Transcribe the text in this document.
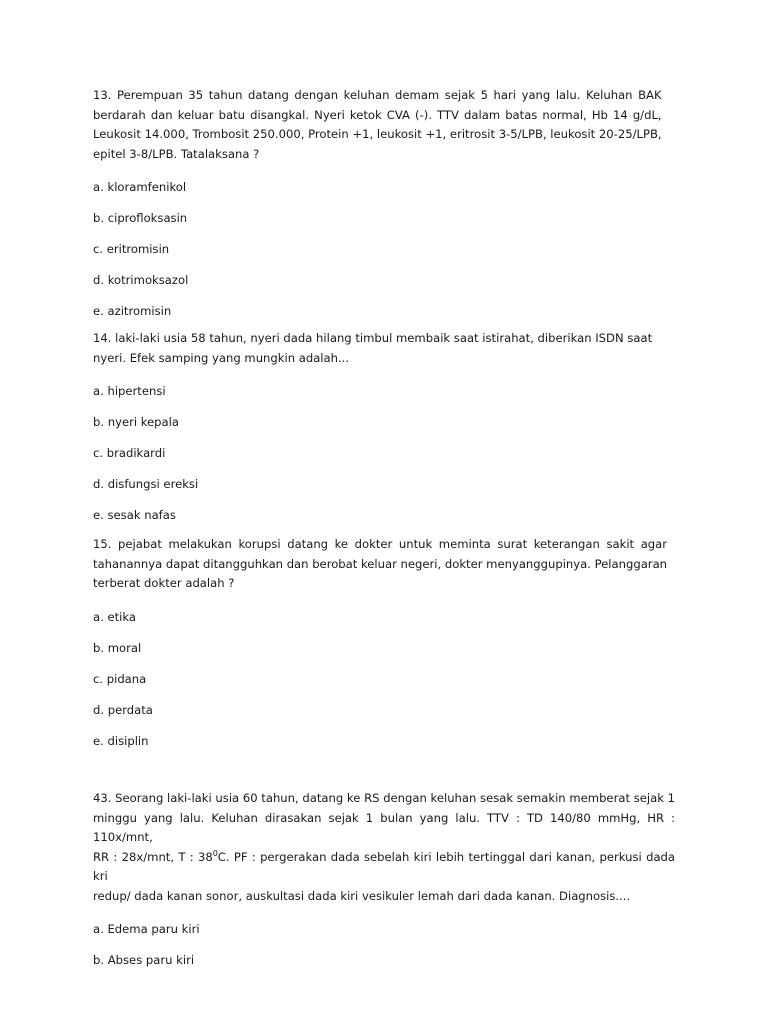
13. Perempuan 35 tahun datang dengan keluhan demam sejak 5 hari yang lalu. Keluhan BAK
berdarah dan keluar batu disangkal. Nyeri ketok CVA (-). TTV dalam batas normal, Hb 14 g/dL,
Leukosit 14.000, Trombosit 250.000, Protein +1, leukosit +1, eritrosit 3-5/LPB, leukosit 20-25/LPB,
epitel 3-8/LPB. Tatalaksana ?

a. kloramfenikol
b. ciprofloksasin
c. eritromisin
d. kotrimoksazol
e. azitromisin

14. laki-laki usia 58 tahun, nyeri dada hilang timbul membaik saat istirahat, diberikan ISDN saat
nyeri. Efek samping yang mungkin adalah...

a. hipertensi
b. nyeri kepala
c. bradikardi
d. disfungsi ereksi
e. sesak nafas

15. pejabat melakukan korupsi datang ke dokter untuk meminta surat keterangan sakit agar
tahanannya dapat ditangguhkan dan berobat keluar negeri, dokter menyanggupinya. Pelanggaran
terberat dokter adalah ?

a. etika
b. moral
c. pidana
d. perdata
e. disiplin

43. Seorang laki-laki usia 60 tahun, datang ke RS dengan keluhan sesak semakin memberat sejak 1
minggu yang lalu. Keluhan dirasakan sejak 1 bulan yang lalu. TTV : TD 140/80 mmHg, HR : 110x/mnt,
RR : 28x/mnt, T : $38^0C$. PF : pergerakan dada sebelah kiri lebih tertinggal dari kanan, perkusi dada kri
redup/ dada kanan sonor, auskultasi dada kiri vesikuler lemah dari dada kanan. Diagnosis....

a. Edema paru kiri
b. Abses paru kiri
